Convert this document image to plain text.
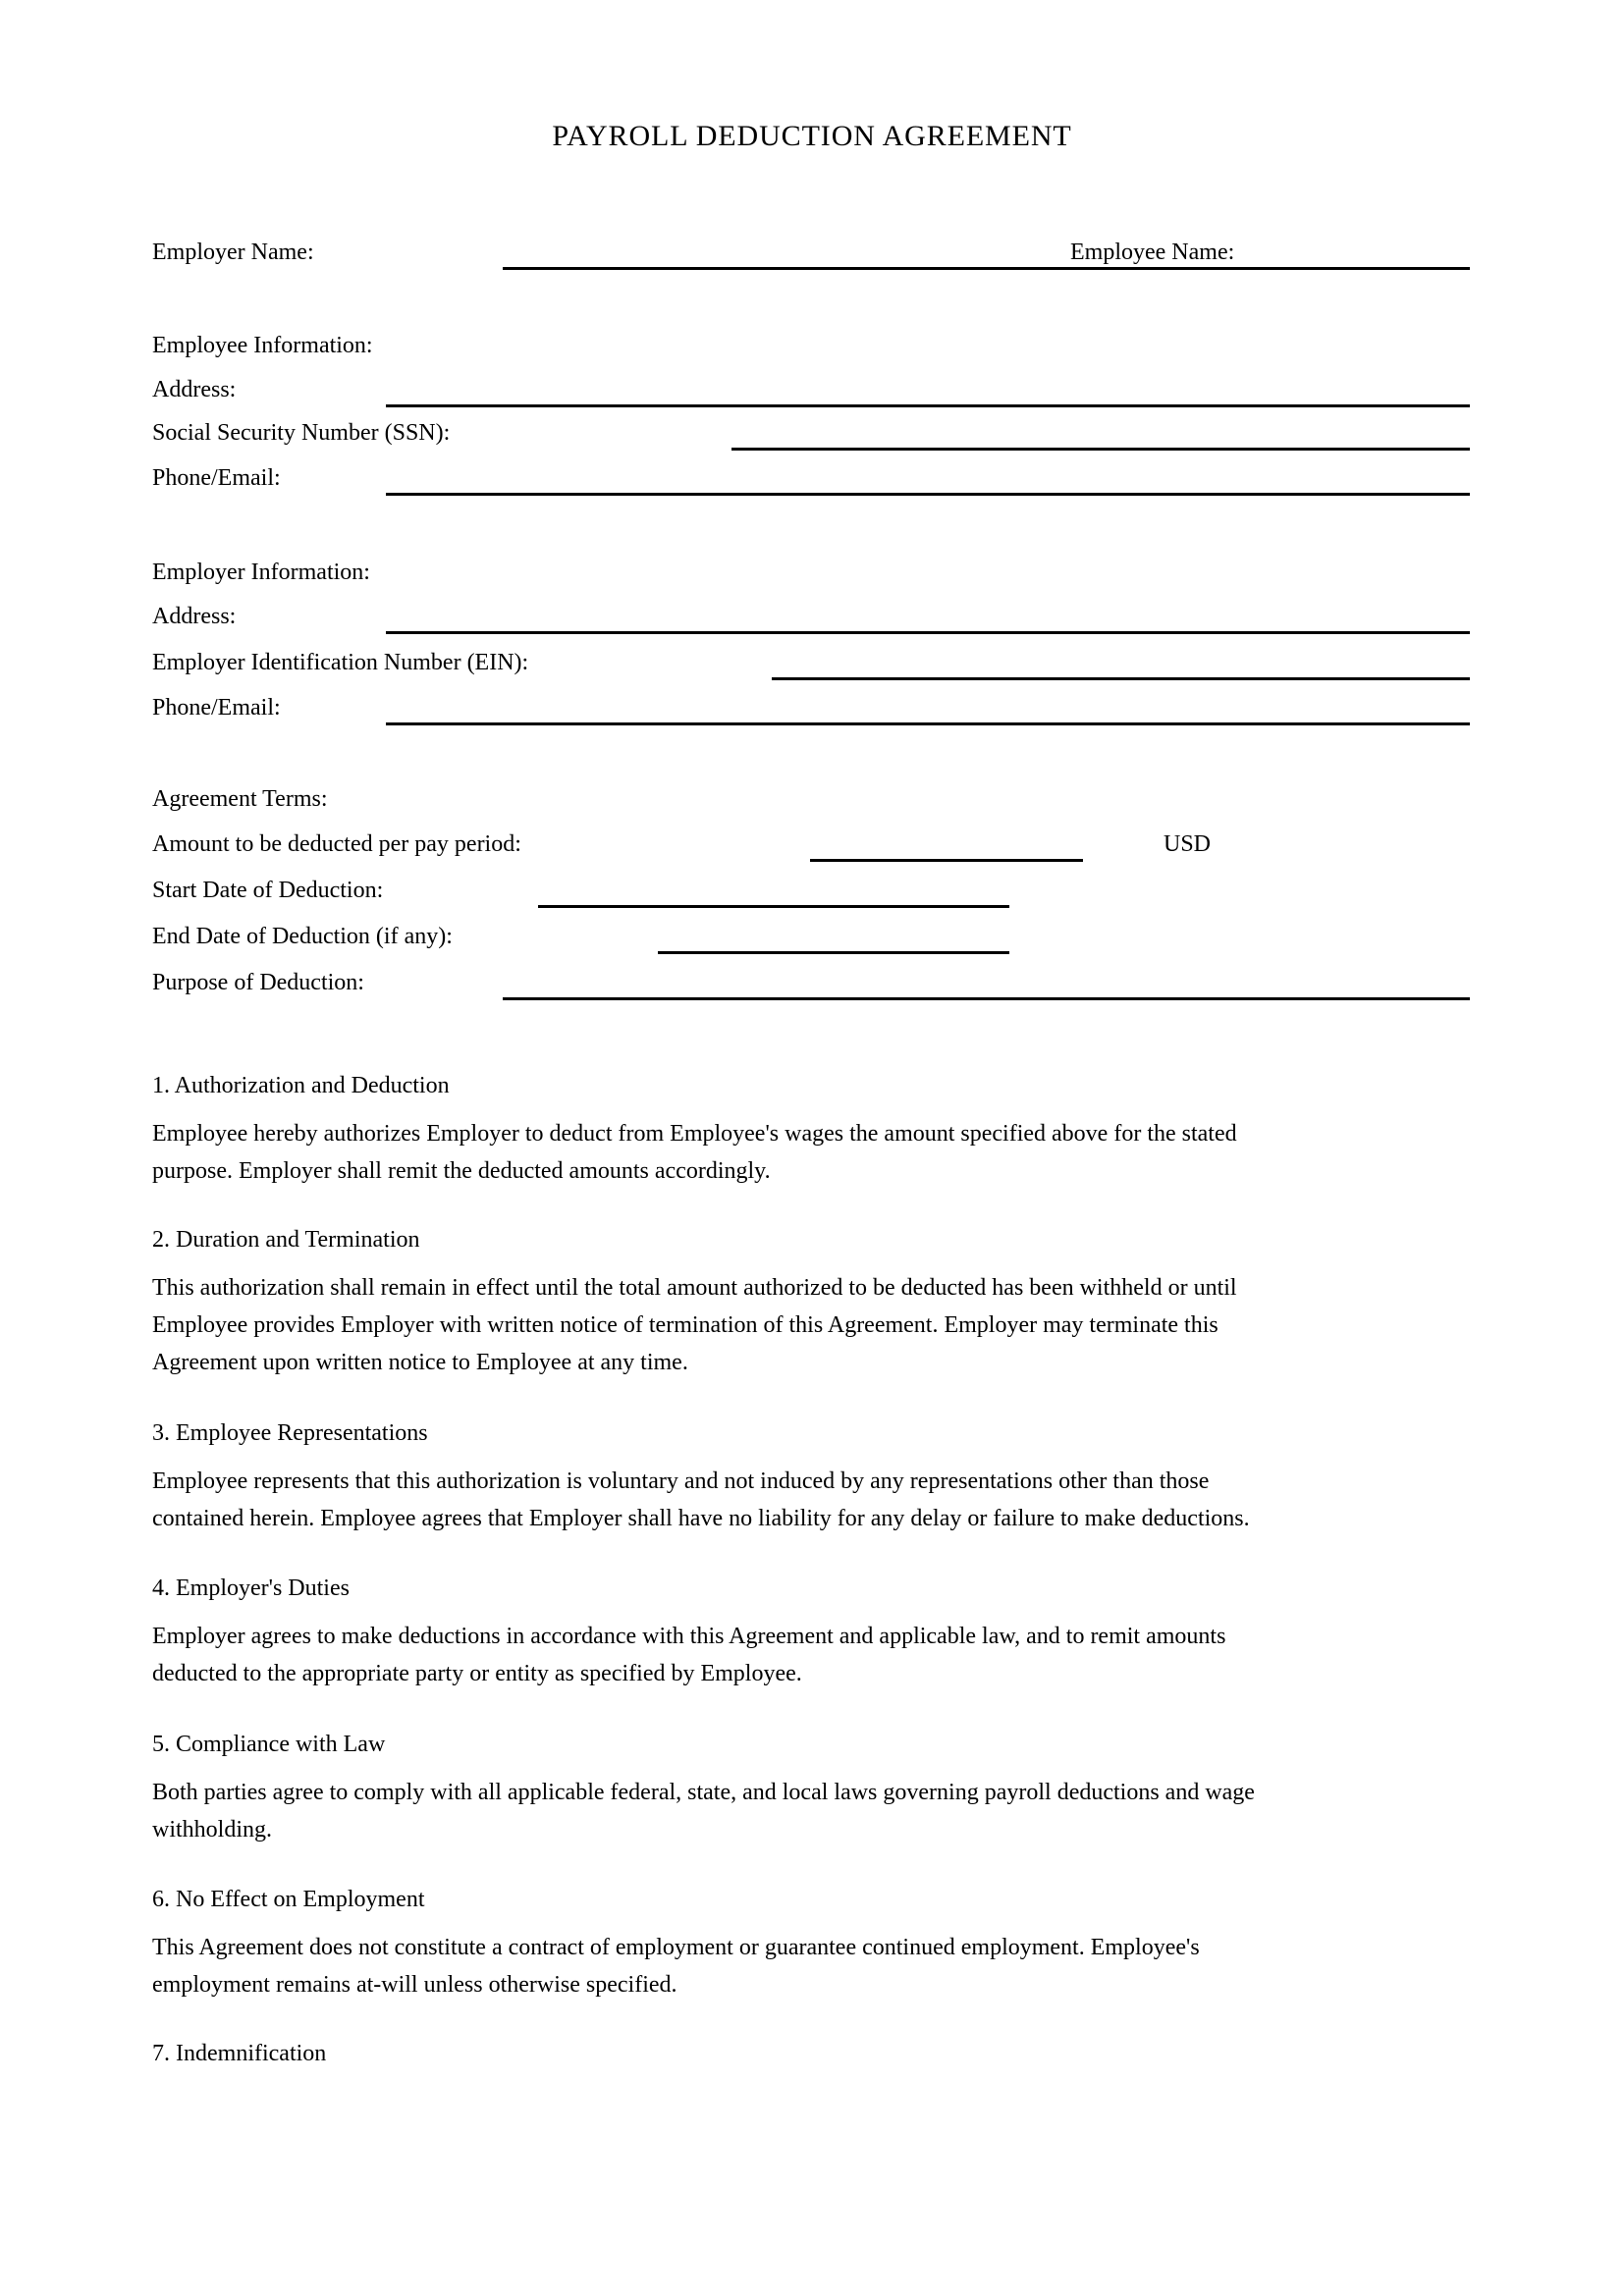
PAYROLL DEDUCTION AGREEMENT
Employer Name:	Employee Name:
Employee Information:
Address:
Social Security Number (SSN):
Phone/Email:
Employer Information:
Address:
Employer Identification Number (EIN):
Phone/Email:
Agreement Terms:
Amount to be deducted per pay period:	USD
Start Date of Deduction:
End Date of Deduction (if any):
Purpose of Deduction:
1. Authorization and Deduction
Employee hereby authorizes Employer to deduct from Employee's wages the amount specified above for the stated
purpose. Employer shall remit the deducted amounts accordingly.
2. Duration and Termination
This authorization shall remain in effect until the total amount authorized to be deducted has been withheld or until
Employee provides Employer with written notice of termination of this Agreement. Employer may terminate this
Agreement upon written notice to Employee at any time.
3. Employee Representations
Employee represents that this authorization is voluntary and not induced by any representations other than those
contained herein. Employee agrees that Employer shall have no liability for any delay or failure to make deductions.
4. Employer's Duties
Employer agrees to make deductions in accordance with this Agreement and applicable law, and to remit amounts
deducted to the appropriate party or entity as specified by Employee.
5. Compliance with Law
Both parties agree to comply with all applicable federal, state, and local laws governing payroll deductions and wage
withholding.
6. No Effect on Employment
This Agreement does not constitute a contract of employment or guarantee continued employment. Employee's
employment remains at-will unless otherwise specified.
7. Indemnification
